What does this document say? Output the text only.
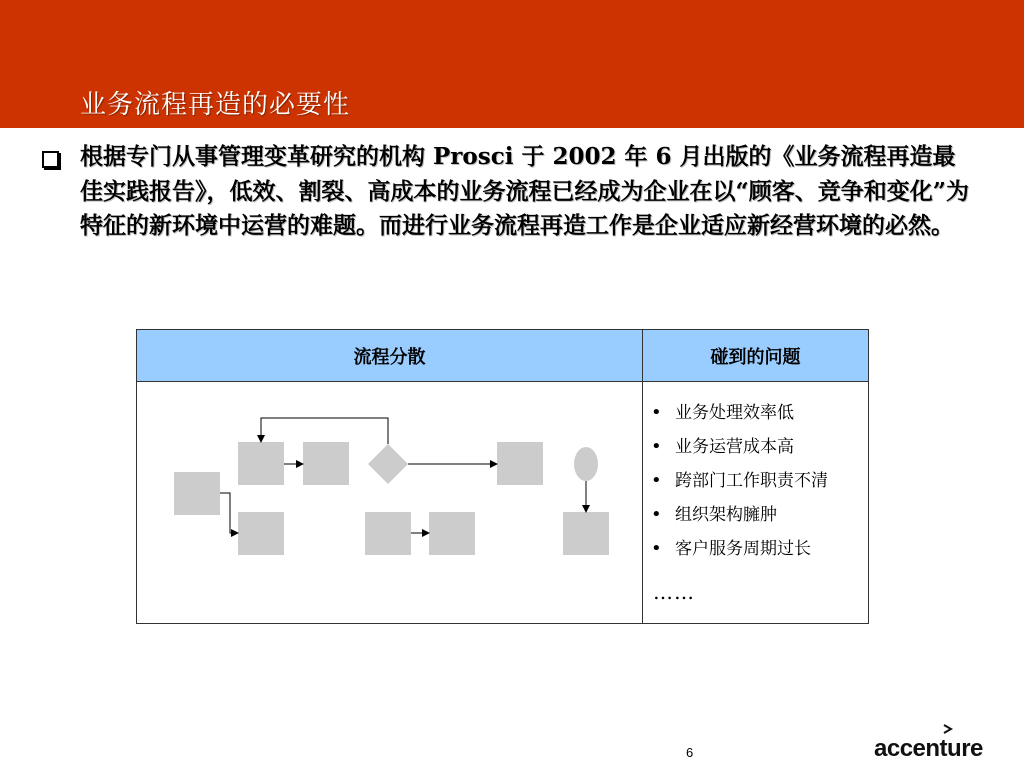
业务流程再造的必要性
根据专门从事管理变革研究的机构 Prosci 于 2002 年 6 月出版的《业务流程再造最佳实践报告》，低效、割裂、高成本的业务流程已经成为企业在以“顾客、竞争和变化”为特征的新环境中运营的难题。而进行业务流程再造工作是企业适应新经营环境的必然。
流程分散	碰到的问题
• 业务处理效率低
• 业务运营成本高
• 跨部门工作职责不清
• 组织架构臃肿
• 客户服务周期过长
……
6	accenture
